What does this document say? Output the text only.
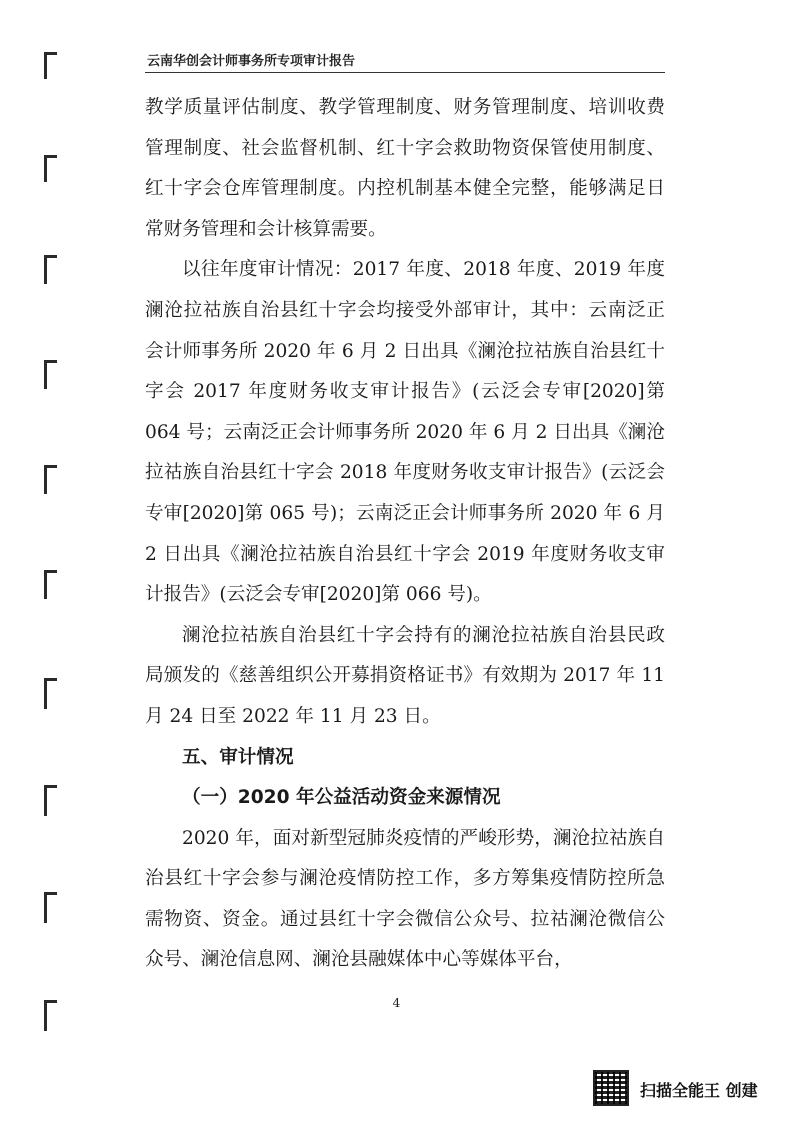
云南华创会计师事务所专项审计报告

教学质量评估制度、教学管理制度、财务管理制度、培训收费管理制度、社会监督机制、红十字会救助物资保管使用制度、红十字会仓库管理制度。内控机制基本健全完整，能够满足日常财务管理和会计核算需要。

以往年度审计情况：2017 年度、2018 年度、2019 年度澜沧拉祜族自治县红十字会均接受外部审计，其中：云南泛正会计师事务所 2020 年 6 月 2 日出具《澜沧拉祜族自治县红十字会 2017 年度财务收支审计报告》(云泛会专审[2020]第 064 号；云南泛正会计师事务所 2020 年 6 月 2 日出具《澜沧拉祜族自治县红十字会 2018 年度财务收支审计报告》(云泛会专审[2020]第 065 号)；云南泛正会计师事务所 2020 年 6 月 2 日出具《澜沧拉祜族自治县红十字会 2019 年度财务收支审计报告》(云泛会专审[2020]第 066 号)。

澜沧拉祜族自治县红十字会持有的澜沧拉祜族自治县民政局颁发的《慈善组织公开募捐资格证书》有效期为 2017 年 11 月 24 日至 2022 年 11 月 23 日。

五、审计情况

（一）2020 年公益活动资金来源情况

2020 年，面对新型冠肺炎疫情的严峻形势，澜沧拉祜族自治县红十字会参与澜沧疫情防控工作，多方筹集疫情防控所急需物资、资金。通过县红十字会微信公众号、拉祜澜沧微信公众号、澜沧信息网、澜沧县融媒体中心等媒体平台，

4
扫描全能王 创建
